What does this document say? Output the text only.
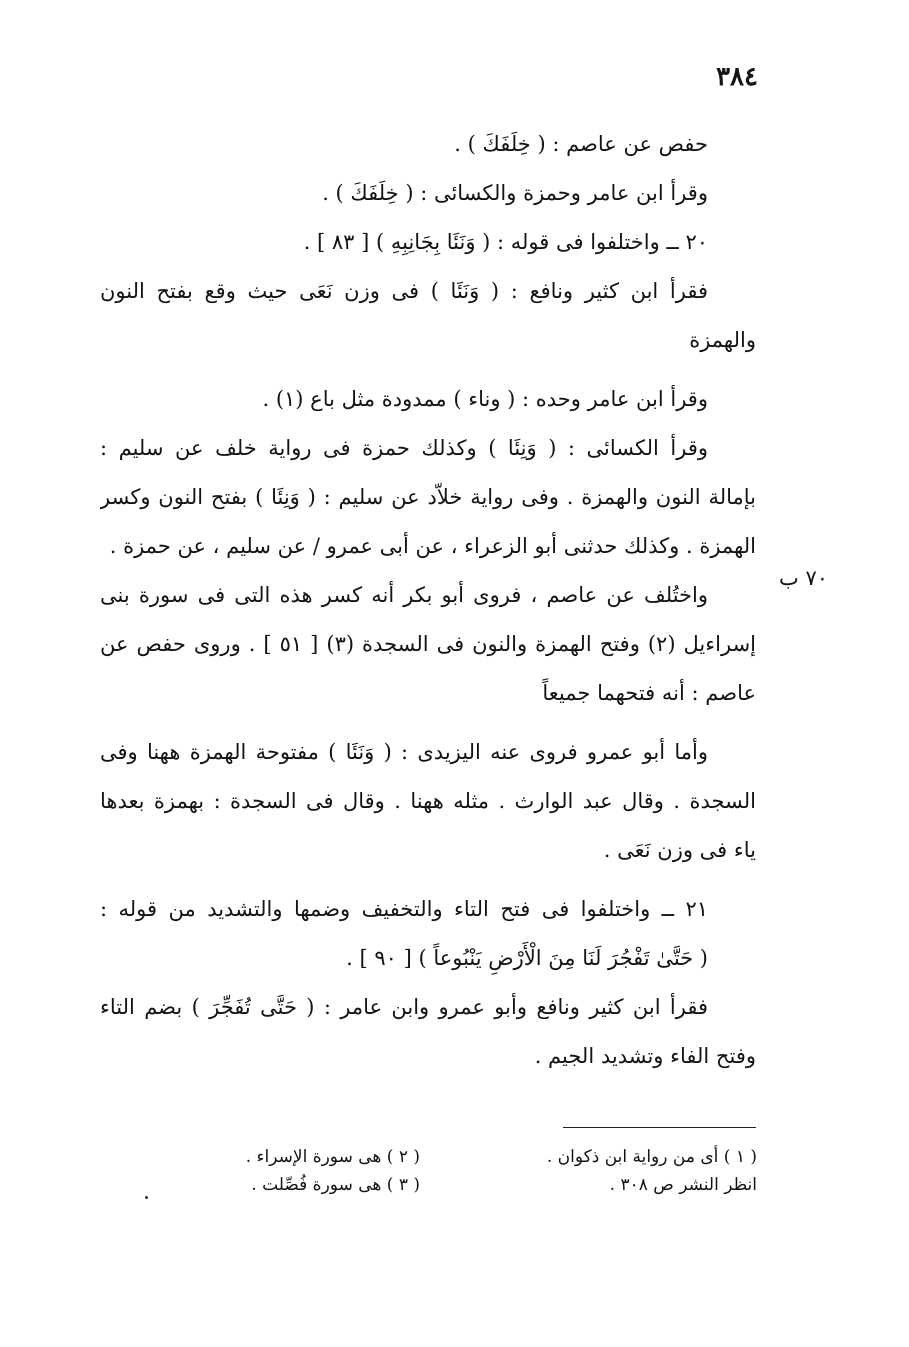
٣٨٤
حفص عن عاصم : ( خِلَفَكَ ) .
وقرأ ابن عامر وحمزة والكسائى : ( خِلَفَكَ ) .
٢٠ ــ واختلفوا فى قوله : ( وَنَئَا بِجَانِبِهِ ) [ ٨٣ ] .
فقرأ ابن كثير ونافع : ( وَنَئَا ) فى وزن نَعَى حيث وقع بفتح النون
والهمزة
وقرأ ابن عامر وحده : ( وناء ) ممدودة مثل باع (١) .
وقرأ الكسائى : ( وَنِئَا ) وكذلك حمزة فى رواية خلف عن سليم :
بإمالة النون والهمزة . وفى رواية خلاّد عن سليم : ( وَنِئَا ) بفتح النون وكسر
الهمزة . وكذلك حدثنى أبو الزعراء ، عن أبى عمرو / عن سليم ، عن حمزة .
واختُلف عن عاصم ، فروى أبو بكر أنه كسر هذه التى فى سورة بنى
إسراءيل (٢) وفتح الهمزة والنون فى السجدة (٣) [ ٥١ ] . وروى حفص عن
عاصم : أنه فتحهما جميعاً
وأما أبو عمرو فروى عنه اليزيدى : ( وَنَئَا ) مفتوحة الهمزة ههنا وفى
السجدة . وقال عبد الوارث . مثله ههنا . وقال فى السجدة : بهمزة بعدها
ياء فى وزن نَعَى .
٢١ ــ واختلفوا فى فتح التاء والتخفيف وضمها والتشديد من قوله :
( حَتَّىٰ تَفْجُرَ لَنَا مِنَ الْأَرْضِ يَنْبُوعاً ) [ ٩٠ ] .
فقرأ ابن كثير ونافع وأبو عمرو وابن عامر : ( حَتَّى تُفَجِّرَ ) بضم التاء
وفتح الفاء وتشديد الجيم .
٧٠ ب
( ١ ) أى من رواية ابن ذكوان .
انظر النشر ص ٣٠٨ .
( ٢ ) هى سورة الإسراء .
( ٣ ) هى سورة فُصِّلت .
